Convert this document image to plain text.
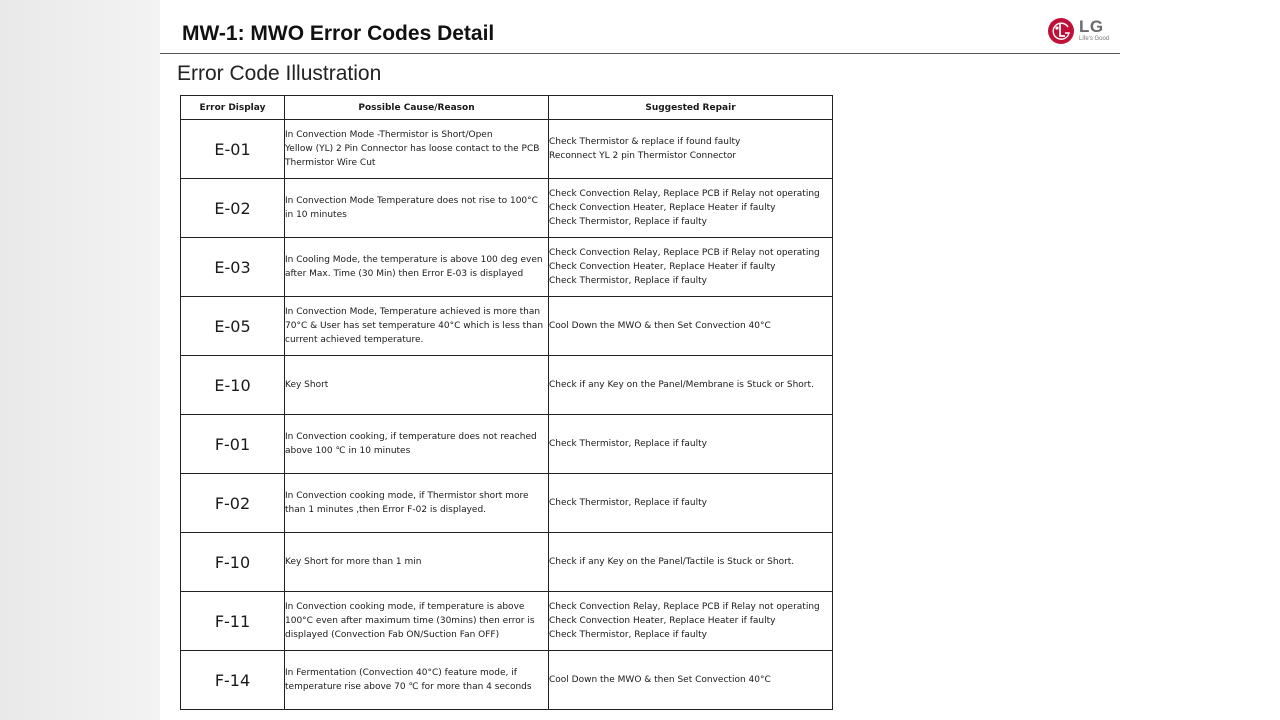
MW-1: MWO Error Codes Detail	LG
Life's Good
Error Code Illustration
Error Display	Possible Cause/Reason	Suggested Repair
E-01	In Convection Mode -Thermistor is Short/Open
Yellow (YL) 2 Pin Connector has loose contact to the PCB
Thermistor Wire Cut	Check Thermistor & replace if found faulty
Reconnect YL 2 pin Thermistor Connector

E-02	In Convection Mode Temperature does not rise to 100°C
in 10 minutes	Check Convection Relay, Replace PCB if Relay not operating
Check Convection Heater, Replace Heater if faulty
Check Thermistor, Replace if faulty

E-03	In Cooling Mode, the temperature is above 100 deg even
after Max. Time (30 Min) then Error E-03 is displayed	Check Convection Relay, Replace PCB if Relay not operating
Check Convection Heater, Replace Heater if faulty
Check Thermistor, Replace if faulty

E-05	In Convection Mode, Temperature achieved is more than
70°C & User has set temperature 40°C which is less than
current achieved temperature.	Cool Down the MWO & then Set Convection 40°C

E-10	Key Short	Check if any Key on the Panel/Membrane is Stuck or Short.

F-01	In Convection cooking, if temperature does not reached
above 100 ℃ in 10 minutes	Check Thermistor, Replace if faulty

F-02	In Convection cooking mode, if Thermistor short more
than 1 minutes ,then Error F-02 is displayed.	Check Thermistor, Replace if faulty

F-10	Key Short for more than 1 min	Check if any Key on the Panel/Tactile is Stuck or Short.

F-11	In Convection cooking mode, if temperature is above
100°C even after maximum time (30mins) then error is
displayed (Convection Fab ON/Suction Fan OFF)	Check Convection Relay, Replace PCB if Relay not operating
Check Convection Heater, Replace Heater if faulty
Check Thermistor, Replace if faulty

F-14	In Fermentation (Convection 40°C) feature mode, if
temperature rise above 70 ℃ for more than 4 seconds	Cool Down the MWO & then Set Convection 40°C
